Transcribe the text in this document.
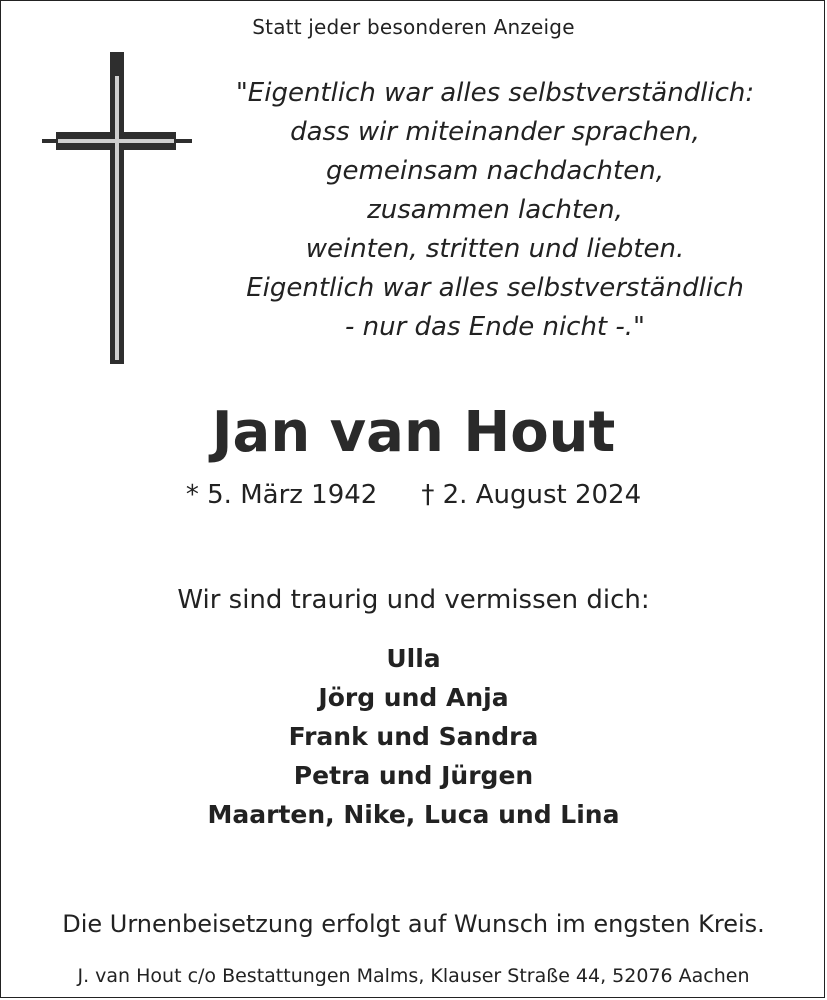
Statt jeder besonderen Anzeige
"Eigentlich war alles selbstverständlich:
dass wir miteinander sprachen,
gemeinsam nachdachten,
zusammen lachten,
weinten, stritten und liebten.
Eigentlich war alles selbstverständlich
- nur das Ende nicht -."
Jan van Hout
* 5. März 1942 † 2. August 2024
Wir sind traurig und vermissen dich:
Ulla
Jörg und Anja
Frank und Sandra
Petra und Jürgen
Maarten, Nike, Luca und Lina
Die Urnenbeisetzung erfolgt auf Wunsch im engsten Kreis.
J. van Hout c/o Bestattungen Malms, Klauser Straße 44, 52076 Aachen
